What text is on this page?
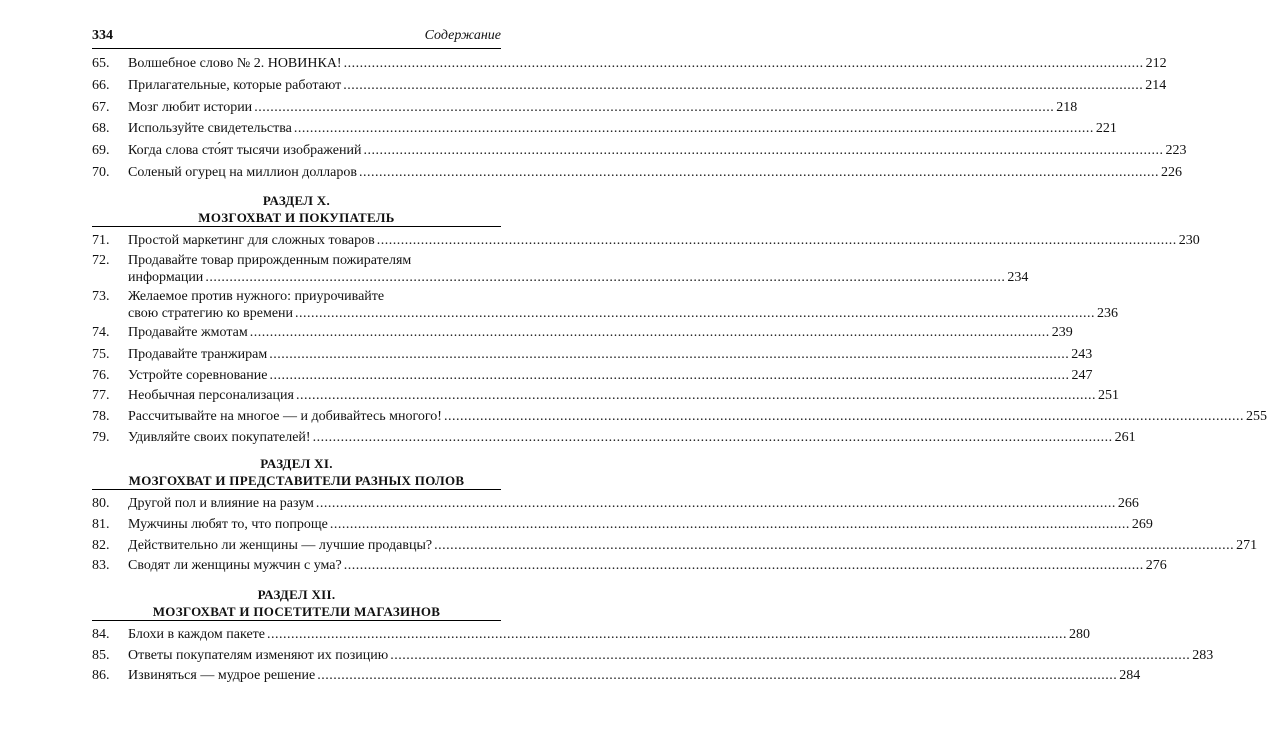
334	Содержание
65.	Волшебное слово № 2. НОВИНКА! ........................................................................................................................................................................................................ 212
66.	Прилагательные, которые работают ........................................................................................................................................................................................................ 214
67.	Мозг любит истории ........................................................................................................................................................................................................ 218
68.	Используйте свидетельства ........................................................................................................................................................................................................ 221
69.	Когда слова сто́ят тысячи изображений ........................................................................................................................................................................................................ 223
70.	Соленый огурец на миллион долларов ........................................................................................................................................................................................................ 226
РАЗДЕЛ X.
МОЗГОХВАТ И ПОКУПАТЕЛЬ
71.	Простой маркетинг для сложных товаров ........................................................................................................................................................................................................ 230
72.	Продавайте товар прирожденным пожирателям
информации ........................................................................................................................................................................................................ 234
73.	Желаемое против нужного: приурочивайте
свою стратегию ко времени ........................................................................................................................................................................................................ 236
74.	Продавайте жмотам ........................................................................................................................................................................................................ 239
75.	Продавайте транжирам ........................................................................................................................................................................................................ 243
76.	Устройте соревнование ........................................................................................................................................................................................................ 247
77.	Необычная персонализация ........................................................................................................................................................................................................ 251
78.	Рассчитывайте на многое — и добивайтесь многого! ........................................................................................................................................................................................................ 255
79.	Удивляйте своих покупателей! ........................................................................................................................................................................................................ 261
РАЗДЕЛ XI.
МОЗГОХВАТ И ПРЕДСТАВИТЕЛИ РАЗНЫХ ПОЛОВ
80.	Другой пол и влияние на разум ........................................................................................................................................................................................................ 266
81.	Мужчины любят то, что попроще ........................................................................................................................................................................................................ 269
82.	Действительно ли женщины — лучшие продавцы? ........................................................................................................................................................................................................ 271
83.	Сводят ли женщины мужчин с ума? ........................................................................................................................................................................................................ 276
РАЗДЕЛ XII.
МОЗГОХВАТ И ПОСЕТИТЕЛИ МАГАЗИНОВ
84.	Блохи в каждом пакете ........................................................................................................................................................................................................ 280
85.	Ответы покупателям изменяют их позицию ........................................................................................................................................................................................................ 283
86.	Извиняться — мудрое решение ........................................................................................................................................................................................................ 284
